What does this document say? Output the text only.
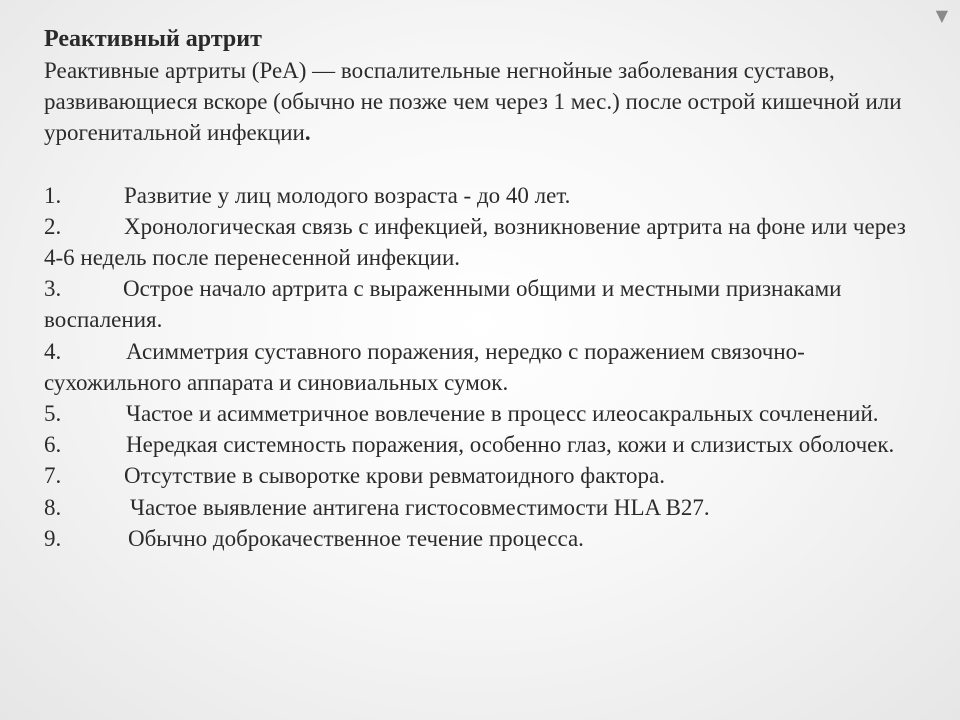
▼
Реактивный артрит

Реактивные артриты (РеА) — воспалительные негнойные заболевания суставов, развивающиеся вскоре (обычно не позже чем через 1 мес.) после острой кишечной или урогенитальной инфекции.

1.	Развитие у лиц молодого возраста - до 40 лет.

2.	Хронологическая связь с инфекцией, возникновение артрита на фоне или через 4-6 недель после перенесенной инфекции.

3.	Острое начало артрита с выраженными общими и местными признаками воспаления.

4.	Асимметрия суставного поражения, нередко с поражением связочно-сухожильного аппарата и синовиальных сумок.

5.	Частое и асимметричное вовлечение в процесс илеосакральных сочленений.

6.	Нередкая системность поражения, особенно глаз, кожи и слизистых оболочек.

7.	Отсутствие в сыворотке крови ревматоидного фактора.

8.	Частое выявление антигена гистосовместимости HLA B27.

9.	Обычно доброкачественное течение процесса.
